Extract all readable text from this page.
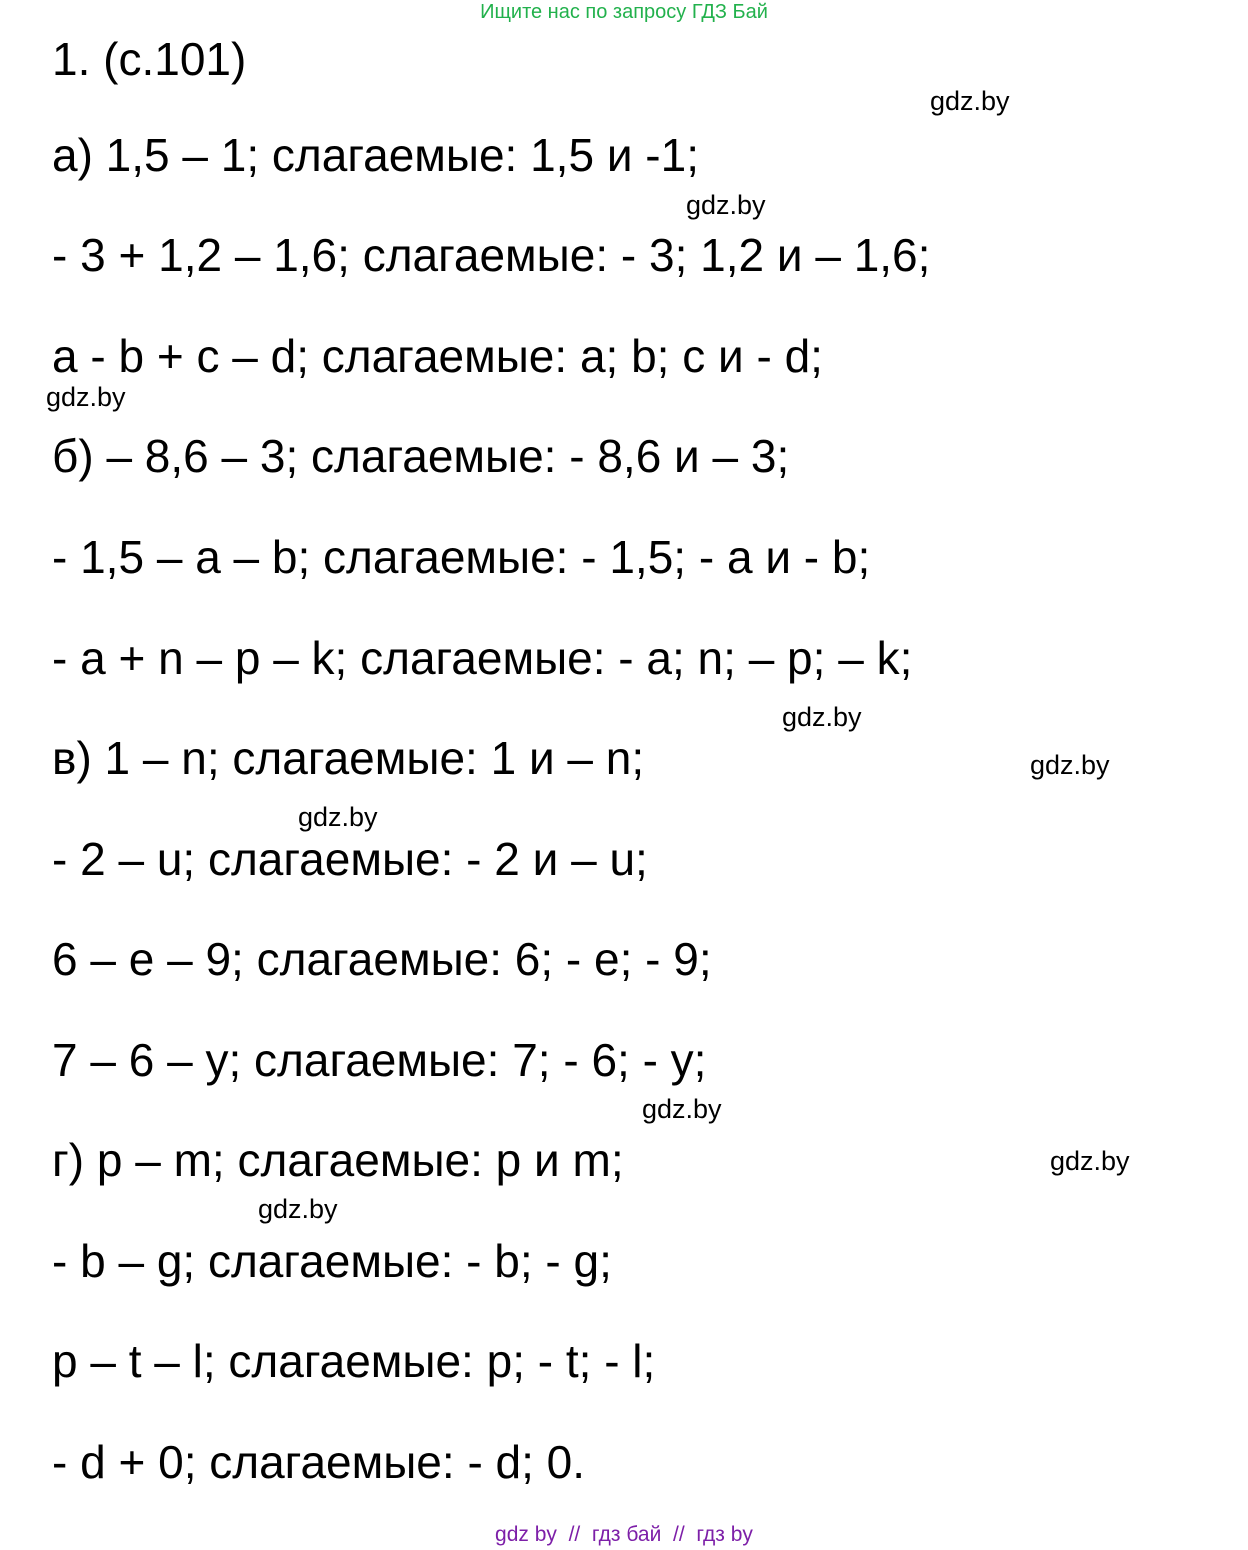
Ищите нас по запросу ГДЗ Бай
1. (с.101)
а) 1,5 – 1; слагаемые: 1,5 и -1;
- 3 + 1,2 – 1,6; слагаемые: - 3; 1,2 и – 1,6;
a - b + c – d; слагаемые: a; b; c и - d;
б) – 8,6 – 3; слагаемые: - 8,6 и – 3;
- 1,5 – a – b; слагаемые: - 1,5; - a и - b;
- a + n – p – k; слагаемые: - a; n; – p; – k;
в) 1 – n; слагаемые: 1 и – n;
- 2 – u; слагаемые: - 2 и – u;
6 – e – 9; слагаемые: 6; - e; - 9;
7 – 6 – y; слагаемые: 7; - 6; - y;
г) p – m; слагаемые: p и m;
- b – g; слагаемые: - b; - g;
p – t – l; слагаемые: p; - t; - l;
- d + 0; слагаемые: - d; 0.
gdz.by
gdz.by
gdz.by
gdz.by
gdz.by
gdz.by
gdz.by
gdz.by
gdz.by
gdz by  //  гдз бай  //  гдз by
